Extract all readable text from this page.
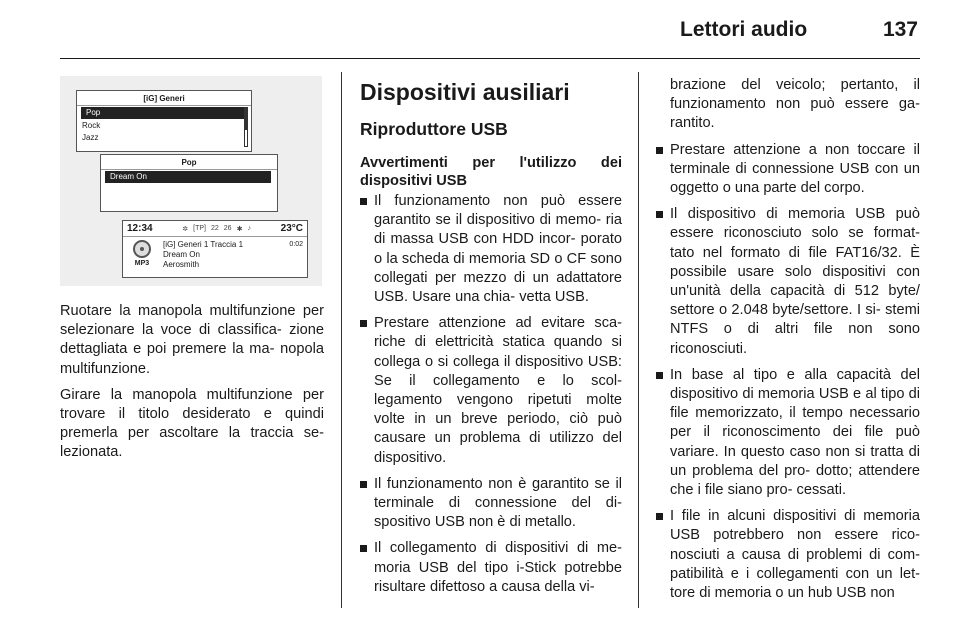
Lettori audio	137
[iG] Generi
Pop
Rock
Jazz
Pop
Dream On
12:34	✲ [TP] 22 26 ✱ ♪	23°C
MP3
[iG] Generi 1 Traccia 1
Dream On
Aerosmith
0:02

Ruotare la manopola multifunzione per selezionare la voce di classifica- zione dettagliata e poi premere la ma- nopola multifunzione.

Girare la manopola multifunzione per trovare il titolo desiderato e quindi premerla per ascoltare la traccia se- lezionata.

Dispositivi ausiliari
Riproduttore USB
Avvertimenti per l'utilizzo dei dispositivi USB
Il funzionamento non può essere garantito se il dispositivo di memo- ria di massa USB con HDD incor- porato o la scheda di memoria SD o CF sono collegati per mezzo di un adattatore USB. Usare una chia- vetta USB.
Prestare attenzione ad evitare sca- riche di elettricità statica quando si collega o si collega il dispositivo USB: Se il collegamento e lo scol- legamento vengono ripetuti molte volte in un breve periodo, ciò può causare un problema di utilizzo del dispositivo.
Il funzionamento non è garantito se il terminale di connessione del di- spositivo USB non è di metallo.
Il collegamento di dispositivi di me- moria USB del tipo i-Stick potrebbe risultare difettoso a causa della vi-

brazione del veicolo; pertanto, il funzionamento non può essere ga- rantito.

Prestare attenzione a non toccare il terminale di connessione USB con un oggetto o una parte del corpo.
Il dispositivo di memoria USB può essere riconosciuto solo se format- tato nel formato di file FAT16/32. È possibile usare solo dispositivi con un'unità della capacità di 512 byte/ settore o 2.048 byte/settore. I si- stemi NTFS o di altri file non sono riconosciuti.
In base al tipo e alla capacità del dispositivo di memoria USB e al tipo di file memorizzato, il tempo necessario per il riconoscimento dei file può variare. In questo caso non si tratta di un problema del pro- dotto; attendere che i file siano pro- cessati.
I file in alcuni dispositivi di memoria USB potrebbero non essere rico- nosciuti a causa di problemi di com- patibilità e i collegamenti con un let- tore di memoria o un hub USB non
